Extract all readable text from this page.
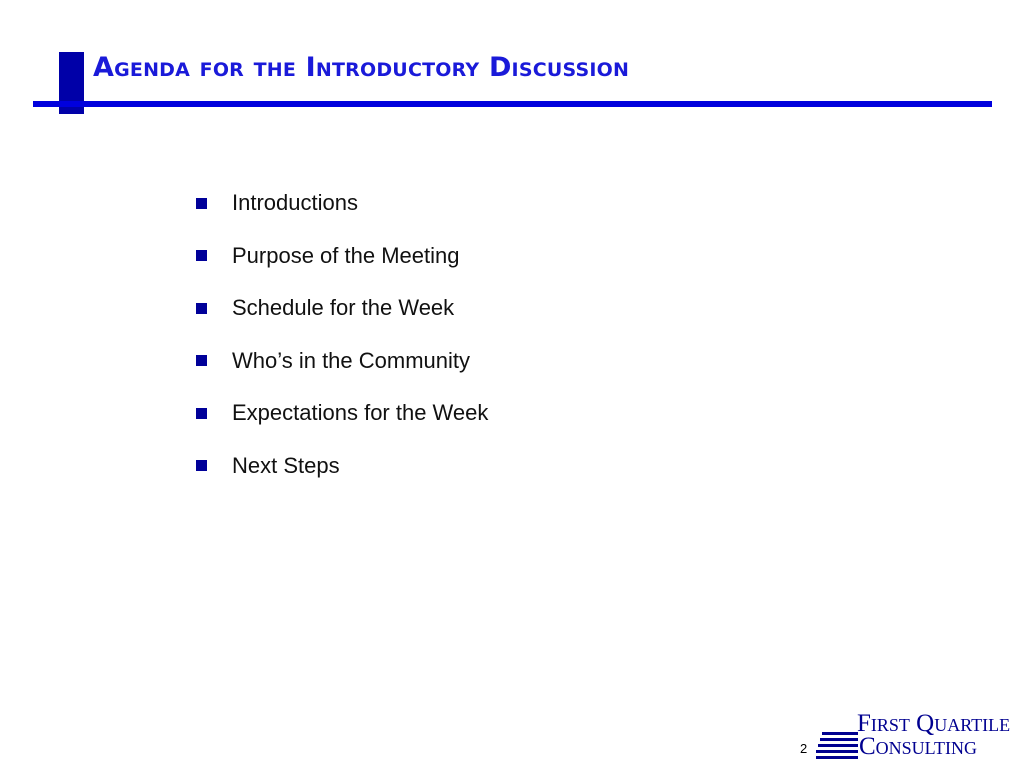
Agenda for the Introductory Discussion
Introductions
Purpose of the Meeting
Schedule for the Week
Who’s in the Community
Expectations for the Week
Next Steps
2
First Quartile
Consulting
